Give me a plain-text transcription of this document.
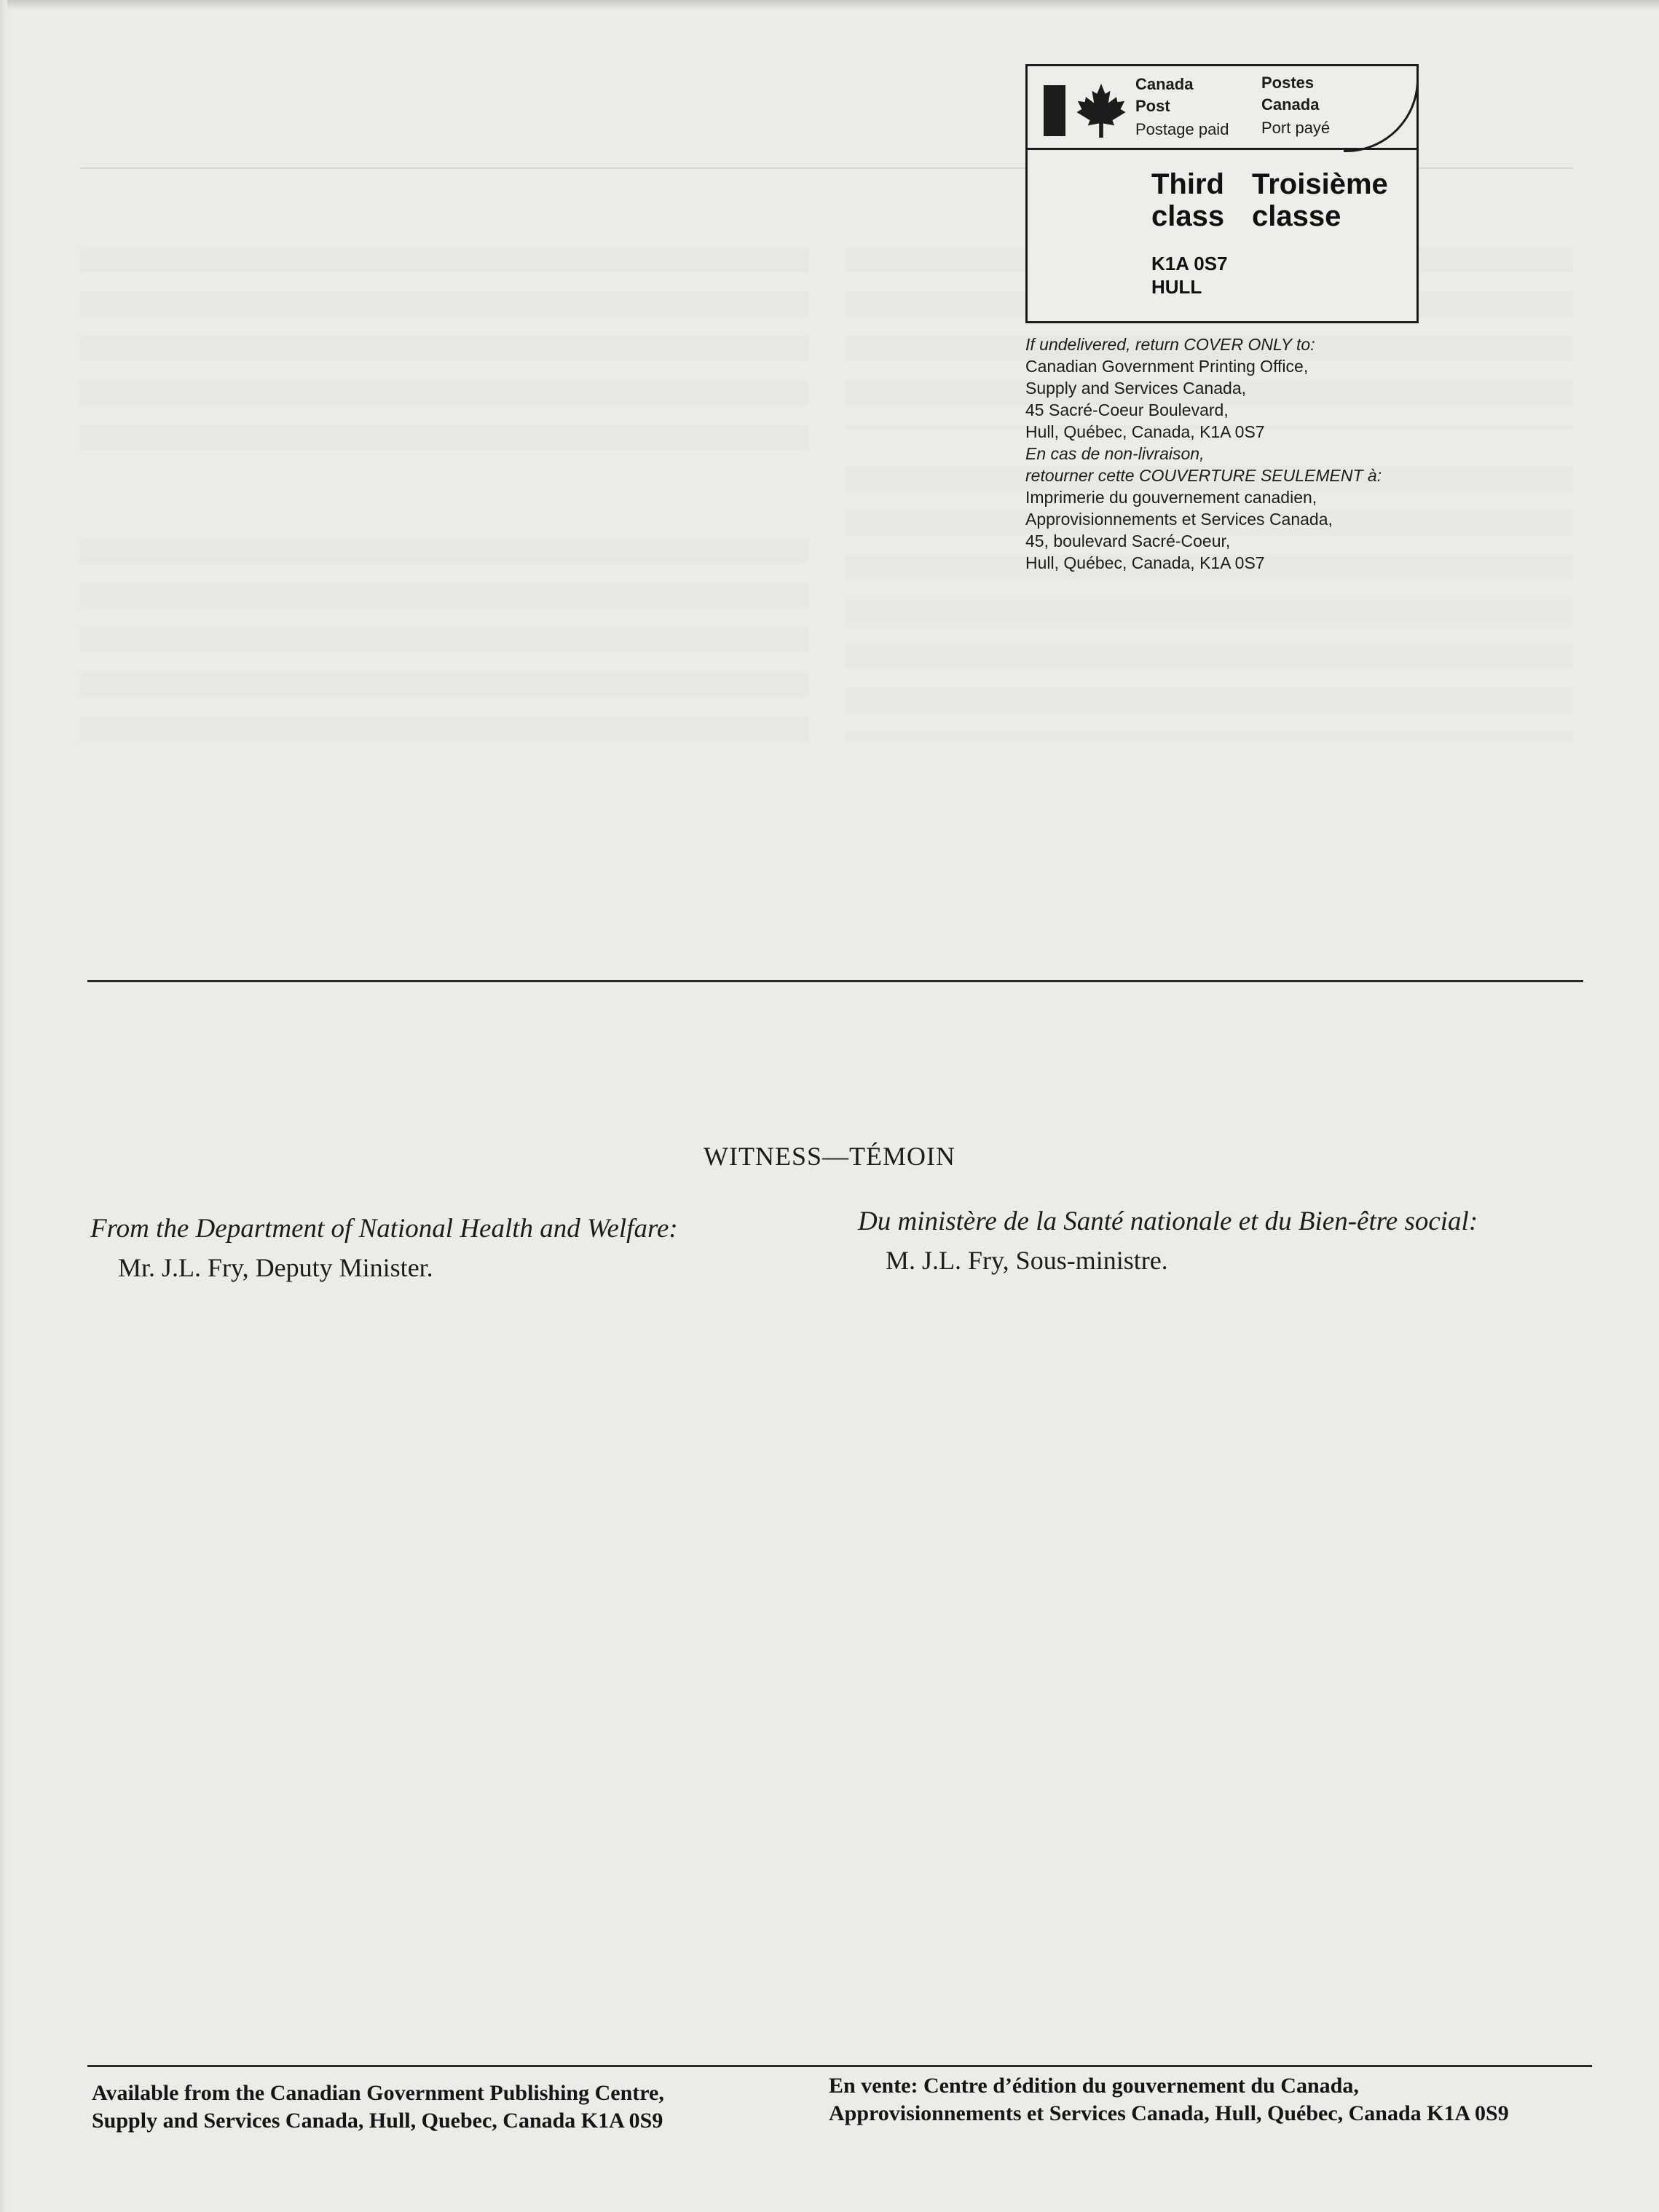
Canada
Post
Postes
Canada
Postage paid Port payé
Third
class
Troisième
classe
K1A 0S7
HULL
If undelivered, return COVER ONLY to:
Canadian Government Printing Office,
Supply and Services Canada,
45 Sacré-Coeur Boulevard,
Hull, Québec, Canada, K1A 0S7
En cas de non-livraison,
retourner cette COUVERTURE SEULEMENT à:
Imprimerie du gouvernement canadien,
Approvisionnements et Services Canada,
45, boulevard Sacré-Coeur,
Hull, Québec, Canada, K1A 0S7
WITNESS—TÉMOIN
From the Department of National Health and Welfare:
Mr. J.L. Fry, Deputy Minister.
Du ministère de la Santé nationale et du Bien-être social:
M. J.L. Fry, Sous-ministre.
Available from the Canadian Government Publishing Centre,
Supply and Services Canada, Hull, Quebec, Canada K1A 0S9
En vente: Centre d’édition du gouvernement du Canada,
Approvisionnements et Services Canada, Hull, Québec, Canada K1A 0S9
